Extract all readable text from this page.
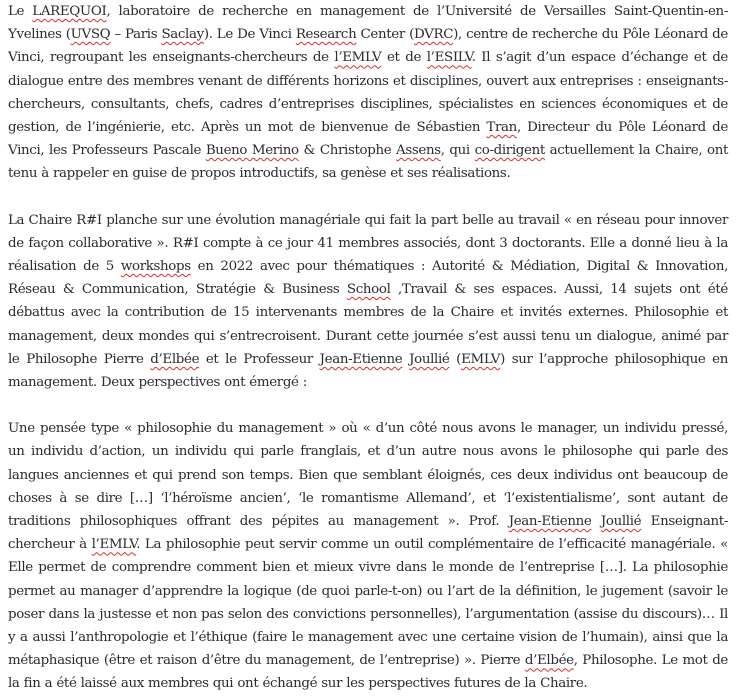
Le LAREQUOI, laboratoire de recherche en management de l’Université de Versailles Saint-Quentin-en-Yvelines (UVSQ – Paris Saclay). Le De Vinci Research Center (DVRC), centre de recherche du Pôle Léonard de Vinci, regroupant les enseignants-chercheurs de l’EMLV et de l’ESILV. Il s’agit d’un espace d’échange et de dialogue entre des membres venant de différents horizons et disciplines, ouvert aux entreprises : enseignants-chercheurs, consultants, chefs, cadres d’entreprises disciplines, spécialistes en sciences économiques et de gestion, de l’ingénierie, etc. Après un mot de bienvenue de Sébastien Tran, Directeur du Pôle Léonard de Vinci, les Professeurs Pascale Bueno Merino & Christophe Assens, qui co-dirigent actuellement la Chaire, ont tenu à rappeler en guise de propos introductifs, sa genèse et ses réalisations.

La Chaire R#I planche sur une évolution managériale qui fait la part belle au travail « en réseau pour innover de façon collaborative ». R#I compte à ce jour 41 membres associés, dont 3 doctorants. Elle a donné lieu à la réalisation de 5 workshops en 2022 avec pour thématiques : Autorité & Médiation, Digital & Innovation, Réseau & Communication, Stratégie & Business School ,Travail & ses espaces. Aussi, 14 sujets ont été débattus avec la contribution de 15 intervenants membres de la Chaire et invités externes. Philosophie et management, deux mondes qui s’entrecroisent. Durant cette journée s’est aussi tenu un dialogue, animé par le Philosophe Pierre d’Elbée et le Professeur Jean-Etienne Joullié (EMLV) sur l’approche philosophique en management. Deux perspectives ont émergé :

Une pensée type « philosophie du management » où « d’un côté nous avons le manager, un individu pressé, un individu d’action, un individu qui parle franglais, et d’un autre nous avons le philosophe qui parle des langues anciennes et qui prend son temps. Bien que semblant éloignés, ces deux individus ont beaucoup de choses à se dire […] ‘l’héroïsme ancien’, ‘le romantisme Allemand’, et ‘l’existentialisme’, sont autant de traditions philosophiques offrant des pépites au management ». Prof. Jean-Etienne Joullié Enseignant-chercheur à l’EMLV. La philosophie peut servir comme un outil complémentaire de l’efficacité managériale. « Elle permet de comprendre comment bien et mieux vivre dans le monde de l’entreprise […]. La philosophie permet au manager d’apprendre la logique (de quoi parle-t-on) ou l’art de la définition, le jugement (savoir le poser dans la justesse et non pas selon des convictions personnelles), l’argumentation (assise du discours)… Il y a aussi l’anthropologie et l’éthique (faire le management avec une certaine vision de l’humain), ainsi que la métaphasique (être et raison d’être du management, de l’entreprise) ». Pierre d’Elbée, Philosophe. Le mot de la fin a été laissé aux membres qui ont échangé sur les perspectives futures de la Chaire.
